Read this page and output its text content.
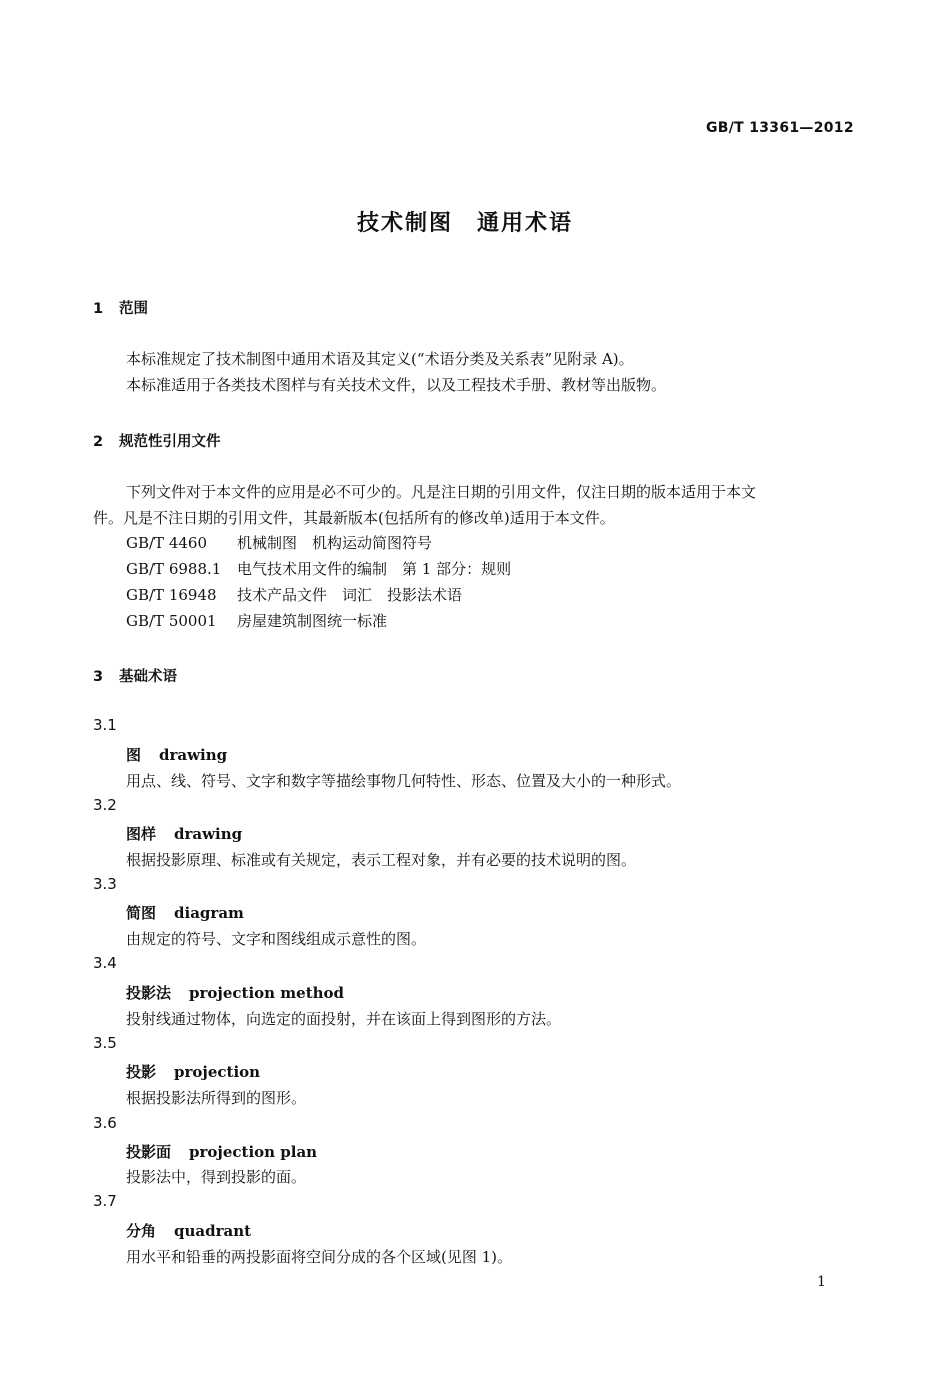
GB/T 13361—2012
技术制图　通用术语
1 范围
本标准规定了技术制图中通用术语及其定义(“术语分类及关系表”见附录 A)。
本标准适用于各类技术图样与有关技术文件，以及工程技术手册、教材等出版物。
2 规范性引用文件
下列文件对于本文件的应用是必不可少的。凡是注日期的引用文件，仅注日期的版本适用于本文
件。凡是不注日期的引用文件，其最新版本(包括所有的修改单)适用于本文件。
GB/T 4460 机械制图　机构运动简图符号
GB/T 6988.1 电气技术用文件的编制　第 1 部分：规则
GB/T 16948 技术产品文件　词汇　投影法术语
GB/T 50001 房屋建筑制图统一标准
3 基础术语
3.1
图 drawing
用点、线、符号、文字和数字等描绘事物几何特性、形态、位置及大小的一种形式。
3.2
图样 drawing
根据投影原理、标准或有关规定，表示工程对象，并有必要的技术说明的图。
3.3
简图 diagram
由规定的符号、文字和图线组成示意性的图。
3.4
投影法 projection method
投射线通过物体，向选定的面投射，并在该面上得到图形的方法。
3.5
投影 projection
根据投影法所得到的图形。
3.6
投影面 projection plan
投影法中，得到投影的面。
3.7
分角 quadrant
用水平和铅垂的两投影面将空间分成的各个区域(见图 1)。
1
